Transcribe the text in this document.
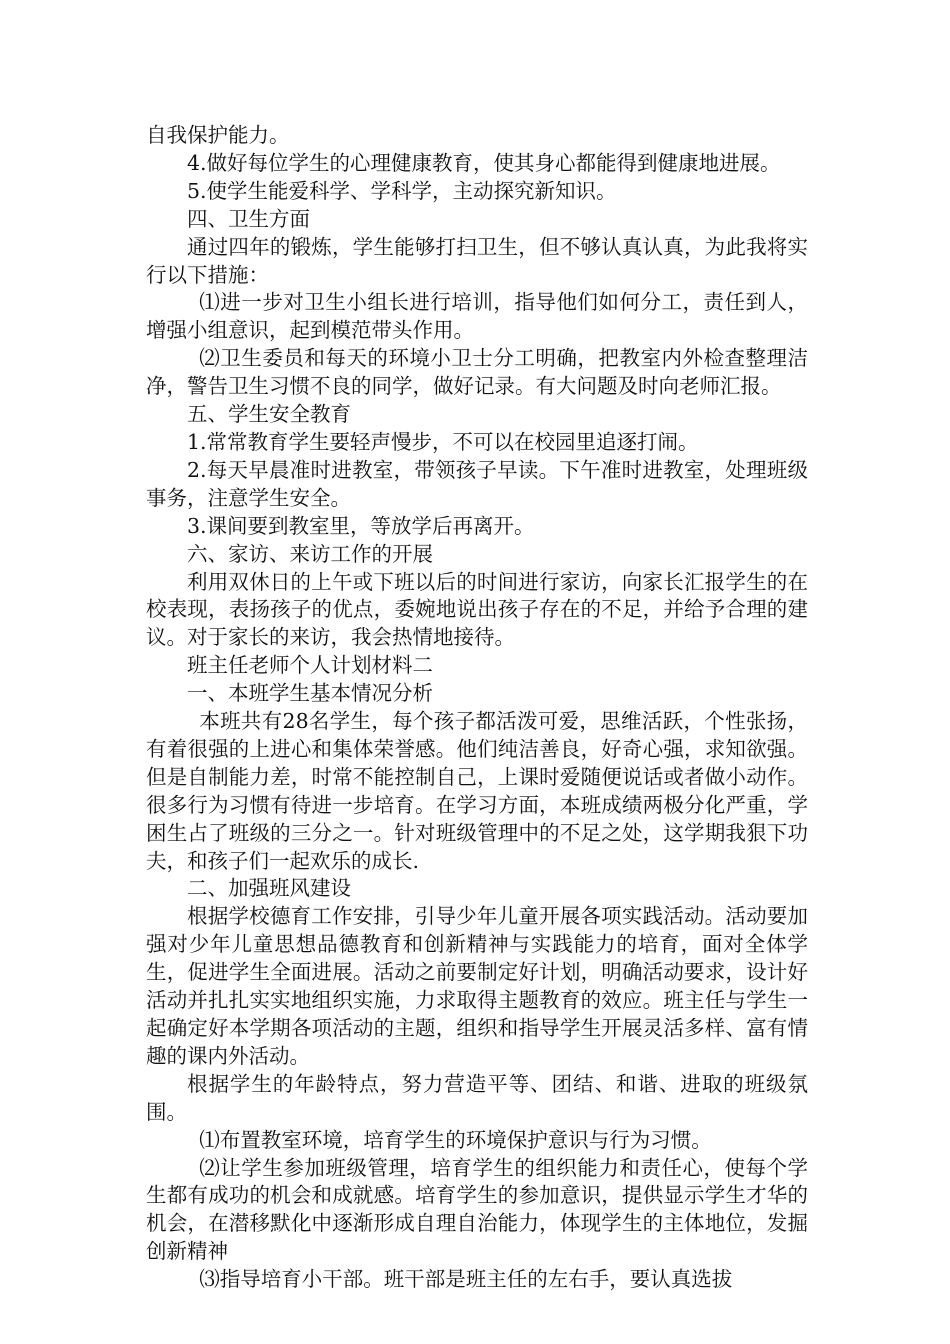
自我保护能力。

4.做好每位学生的心理健康教育，使其身心都能得到健康地进展。

5.使学生能爱科学、学科学，主动探究新知识。

四、卫生方面

通过四年的锻炼，学生能够打扫卫生，但不够认真认真，为此我将实行以下措施：

⑴进一步对卫生小组长进行培训，指导他们如何分工，责任到人，增强小组意识，起到模范带头作用。

⑵卫生委员和每天的环境小卫士分工明确，把教室内外检查整理洁净，警告卫生习惯不良的同学，做好记录。有大问题及时向老师汇报。

五、学生安全教育

1.常常教育学生要轻声慢步，不可以在校园里追逐打闹。

2.每天早晨准时进教室，带领孩子早读。下午准时进教室，处理班级事务，注意学生安全。

3.课间要到教室里，等放学后再离开。

六、家访、来访工作的开展

利用双休日的上午或下班以后的时间进行家访，向家长汇报学生的在校表现，表扬孩子的优点，委婉地说出孩子存在的不足，并给予合理的建议。对于家长的来访，我会热情地接待。

班主任老师个人计划材料二

一、本班学生基本情况分析

本班共有28名学生，每个孩子都活泼可爱，思维活跃，个性张扬，有着很强的上进心和集体荣誉感。他们纯洁善良，好奇心强，求知欲强。但是自制能力差，时常不能控制自己，上课时爱随便说话或者做小动作。很多行为习惯有待进一步培育。在学习方面，本班成绩两极分化严重，学困生占了班级的三分之一。针对班级管理中的不足之处，这学期我狠下功夫，和孩子们一起欢乐的成长.

二、加强班风建设

根据学校德育工作安排，引导少年儿童开展各项实践活动。活动要加强对少年儿童思想品德教育和创新精神与实践能力的培育，面对全体学生，促进学生全面进展。活动之前要制定好计划，明确活动要求，设计好活动并扎扎实实地组织实施，力求取得主题教育的效应。班主任与学生一起确定好本学期各项活动的主题，组织和指导学生开展灵活多样、富有情趣的课内外活动。

根据学生的年龄特点，努力营造平等、团结、和谐、进取的班级氛围。

⑴布置教室环境，培育学生的环境保护意识与行为习惯。

⑵让学生参加班级管理，培育学生的组织能力和责任心，使每个学生都有成功的机会和成就感。培育学生的参加意识，提供显示学生才华的机会，在潜移默化中逐渐形成自理自治能力，体现学生的主体地位，发掘创新精神

⑶指导培育小干部。班干部是班主任的左右手，要认真选拔
